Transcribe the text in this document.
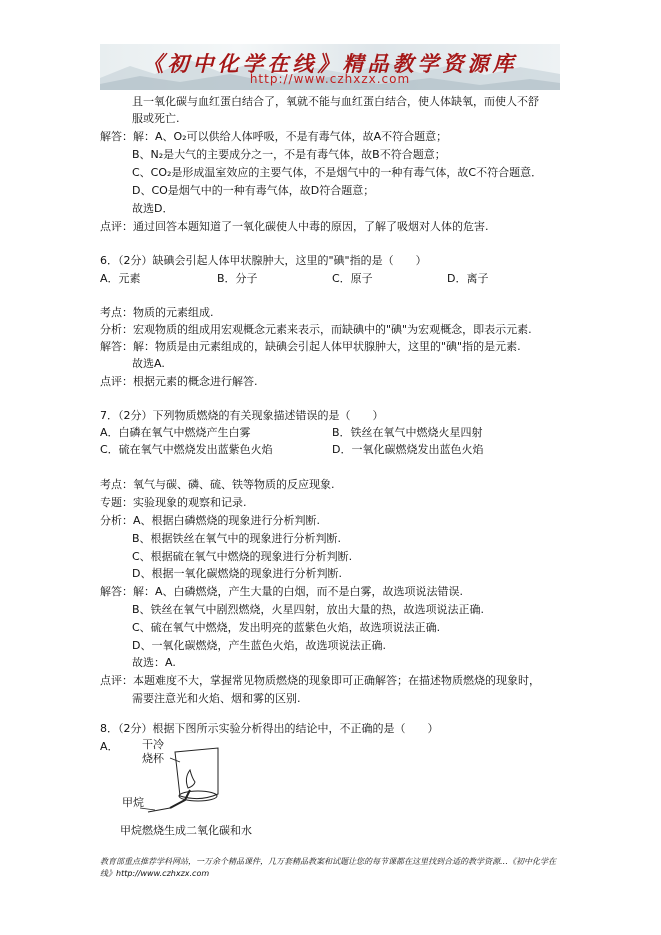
《初中化学在线》精品教学资源库
http://www.czhxzx.com
且一氧化碳与血红蛋白结合了，氧就不能与血红蛋白结合，使人体缺氧，而使人不舒
服或死亡.
解答：解：A、O₂可以供给人体呼吸，不是有毒气体，故A不符合题意；
B、N₂是大气的主要成分之一，不是有毒气体，故B不符合题意；
C、CO₂是形成温室效应的主要气体，不是烟气中的一种有毒气体，故C不符合题意．
D、CO是烟气中的一种有毒气体，故D符合题意；
故选D．
点评：通过回答本题知道了一氧化碳使人中毒的原因，了解了吸烟对人体的危害.
6．（2分）缺碘会引起人体甲状腺肿大，这里的"碘"指的是（　　）
A．元素	B．分子	C．原子	D．离子
考点：物质的元素组成.
分析：宏观物质的组成用宏观概念元素来表示，而缺碘中的"碘"为宏观概念，即表示元素.
解答：解：物质是由元素组成的，缺碘会引起人体甲状腺肿大，这里的"碘"指的是元素.
故选A.
点评：根据元素的概念进行解答.
7．（2分）下列物质燃烧的有关现象描述错误的是（　　）
A．白磷在氧气中燃烧产生白雾	B．铁丝在氧气中燃烧火星四射
C．硫在氧气中燃烧发出蓝紫色火焰	D．一氧化碳燃烧发出蓝色火焰
考点：氧气与碳、磷、硫、铁等物质的反应现象.
专题：实验现象的观察和记录.
分析：A、根据白磷燃烧的现象进行分析判断.
B、根据铁丝在氧气中的现象进行分析判断.
C、根据硫在氧气中燃烧的现象进行分析判断.
D、根据一氧化碳燃烧的现象进行分析判断.
解答：解：A、白磷燃烧，产生大量的白烟，而不是白雾，故选项说法错误.
B、铁丝在氧气中剧烈燃烧，火星四射，放出大量的热，故选项说法正确.
C、硫在氧气中燃烧，发出明亮的蓝紫色火焰，故选项说法正确.
D、一氧化碳燃烧，产生蓝色火焰，故选项说法正确.
故选：A.
点评：本题难度不大，掌握常见物质燃烧的现象即可正确解答；在描述物质燃烧的现象时，
需要注意光和火焰、烟和雾的区别.
8．（2分）根据下图所示实验分析得出的结论中，不正确的是（　　）
A． 干冷
烧杯
甲烷
甲烷燃烧生成二氧化碳和水
教育部重点推荐学科网站，一万余个精品课件，几万套精品教案和试题让您的每节课都在这里找到合适的教学资源…《初中化学在线》http://www.czhxzx.com
